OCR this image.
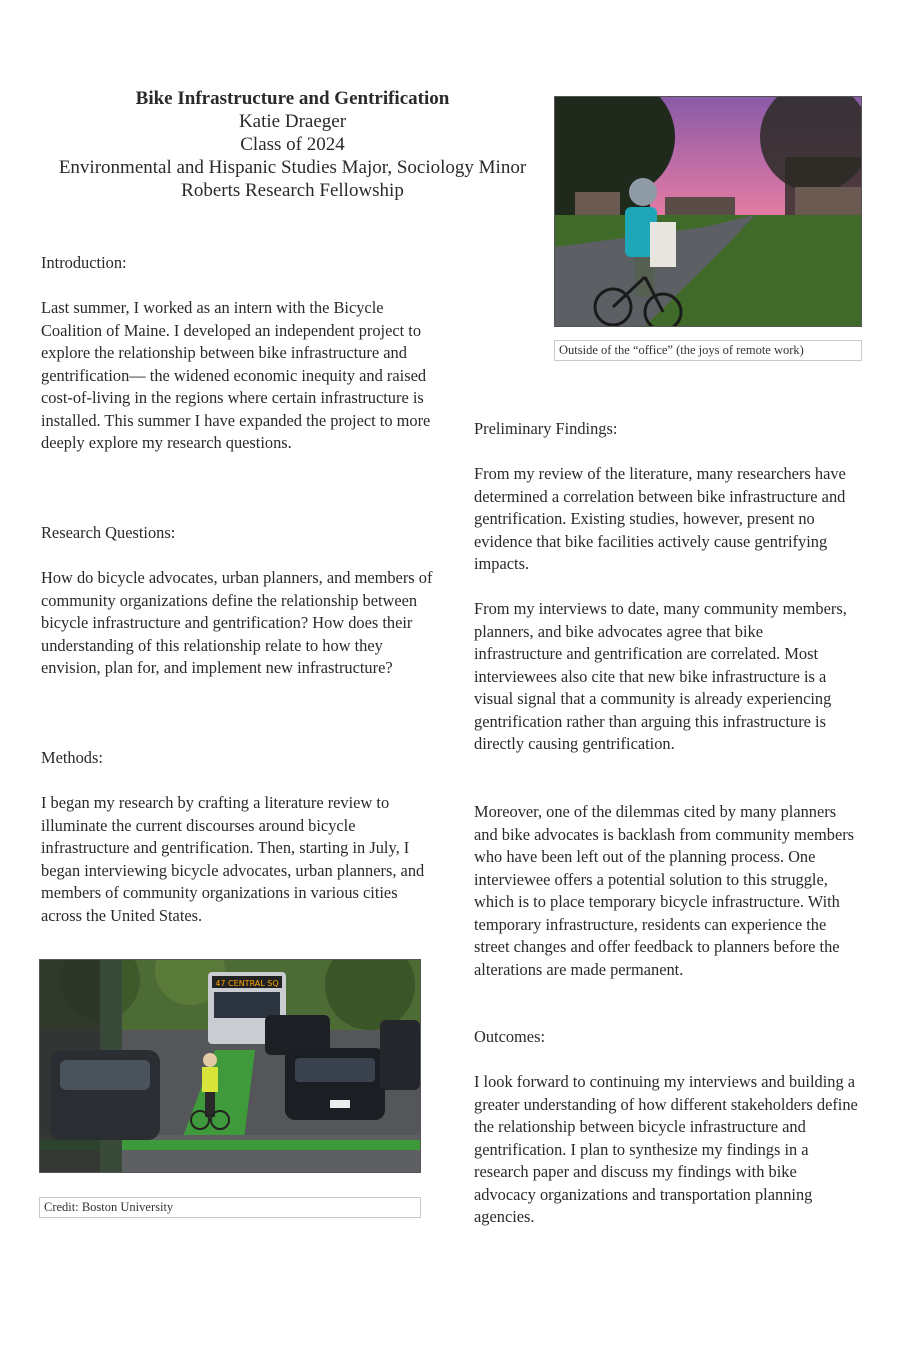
Bike Infrastructure and Gentrification
Katie Draeger
Class of 2024
Environmental and Hispanic Studies Major, Sociology Minor
Roberts Research Fellowship
Introduction:
Last summer, I worked as an intern with the Bicycle Coalition of Maine. I developed an independent project to explore the relationship between bike infrastructure and gentrification— the widened economic inequity and raised cost-of-living in the regions where certain infrastructure is installed. This summer I have expanded the project to more deeply explore my research questions.
Research Questions:
How do bicycle advocates, urban planners, and members of community organizations define the relationship between bicycle infrastructure and gentrification? How does their understanding of this relationship relate to how they envision, plan for, and implement new infrastructure?
Methods:
I began my research by crafting a literature review to illuminate the current discourses around bicycle infrastructure and gentrification. Then, starting in July, I began interviewing bicycle advocates, urban planners, and members of community organizations in various cities across the United States.
47 CENTRAL SQ
Credit: Boston University
Outside of the “office” (the joys of remote work)
Preliminary Findings:
From my review of the literature, many researchers have determined a correlation between bike infrastructure and gentrification. Existing studies, however, present no evidence that bike facilities actively cause gentrifying impacts.
From my interviews to date, many community members, planners, and bike advocates agree that bike infrastructure and gentrification are correlated. Most interviewees also cite that new bike infrastructure is a visual signal that a community is already experiencing gentrification rather than arguing this infrastructure is directly causing gentrification.
Moreover, one of the dilemmas cited by many planners and bike advocates is backlash from community members who have been left out of the planning process. One interviewee offers a potential solution to this struggle, which is to place temporary bicycle infrastructure. With temporary infrastructure, residents can experience the street changes and offer feedback to planners before the alterations are made permanent.
Outcomes:
I look forward to continuing my interviews and building a greater understanding of how different stakeholders define the relationship between bicycle infrastructure and gentrification. I plan to synthesize my findings in a research paper and discuss my findings with bike advocacy organizations and transportation planning agencies.
